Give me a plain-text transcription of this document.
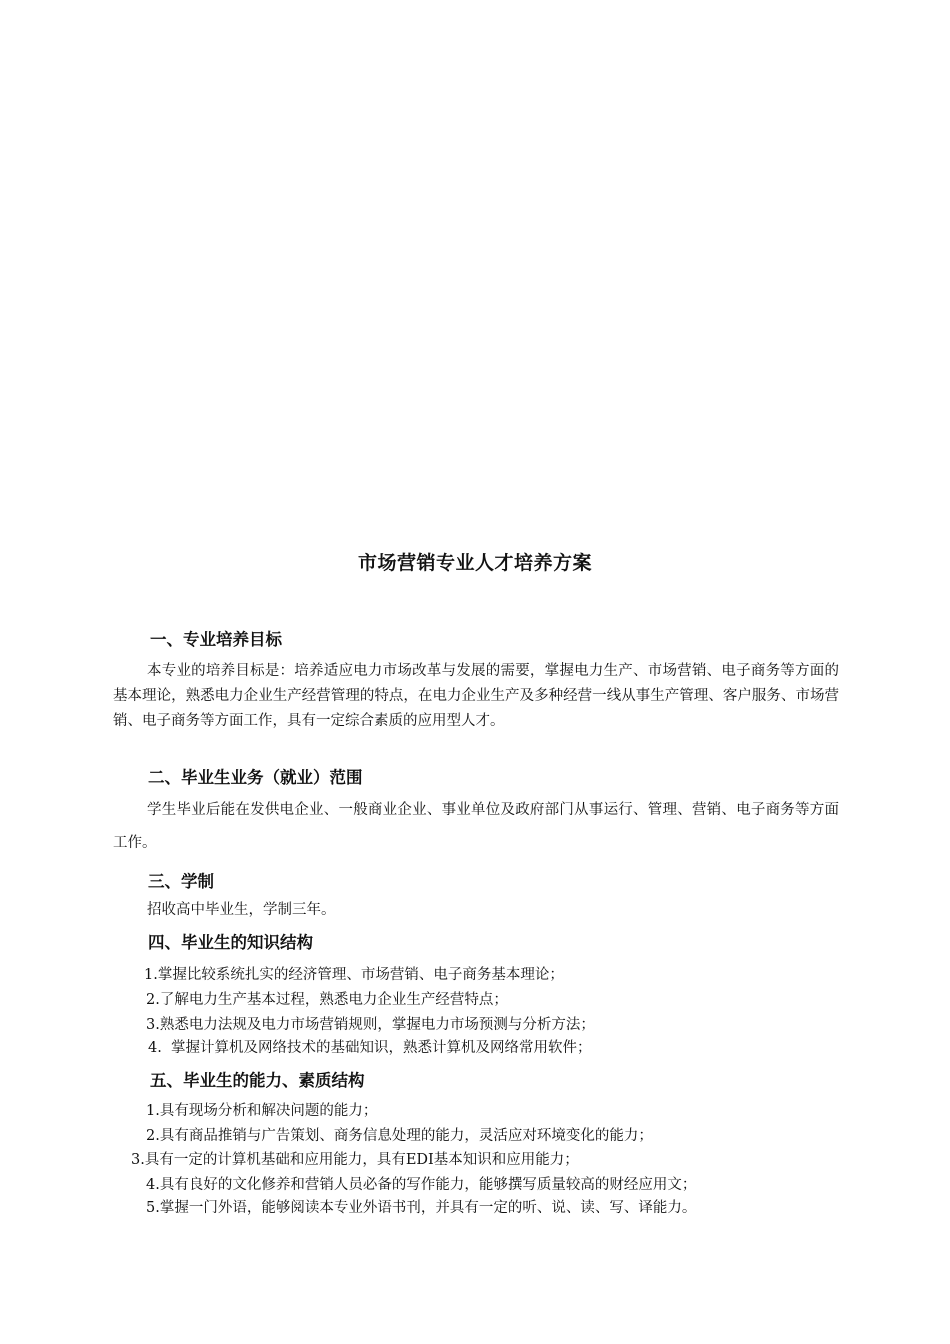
市场营销专业人才培养方案
一、专业培养目标
本专业的培养目标是：培养适应电力市场改革与发展的需要，掌握电力生产、市场营销、电子商务等方面的基本理论，熟悉电力企业生产经营管理的特点，在电力企业生产及多种经营一线从事生产管理、客户服务、市场营销、电子商务等方面工作，具有一定综合素质的应用型人才。
二、毕业生业务（就业）范围
学生毕业后能在发供电企业、一般商业企业、事业单位及政府部门从事运行、管理、营销、电子商务等方面工作。
三、学制
招收高中毕业生，学制三年。
四、毕业生的知识结构
1.掌握比较系统扎实的经济管理、市场营销、电子商务基本理论；
2.了解电力生产基本过程，熟悉电力企业生产经营特点；
3.熟悉电力法规及电力市场营销规则，掌握电力市场预测与分析方法；
4.  掌握计算机及网络技术的基础知识，熟悉计算机及网络常用软件；
五、毕业生的能力、素质结构
1.具有现场分析和解决问题的能力；
2.具有商品推销与广告策划、商务信息处理的能力，灵活应对环境变化的能力；
3.具有一定的计算机基础和应用能力，具有EDI基本知识和应用能力；
4.具有良好的文化修养和营销人员必备的写作能力，能够撰写质量较高的财经应用文；
5.掌握一门外语，能够阅读本专业外语书刊，并具有一定的听、说、读、写、译能力。
